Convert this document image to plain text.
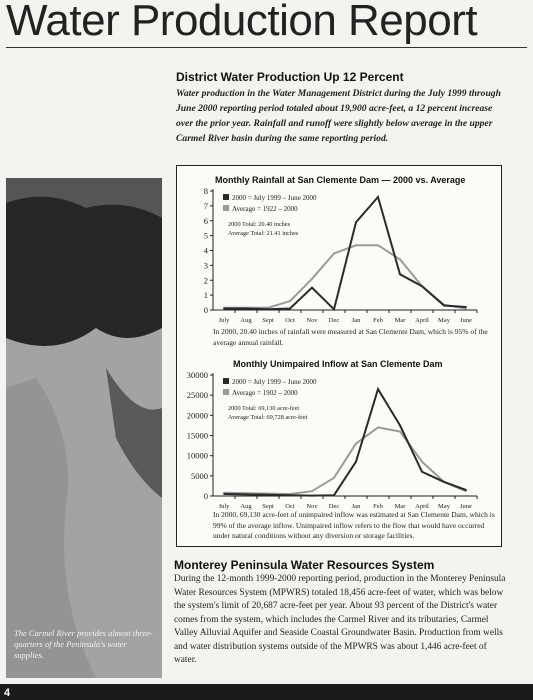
Water Production Report
The Carmel River provides almost three-quarters of the Peninsula's water supplies.
District Water Production Up 12 Percent
Water production in the Water Management District during the July 1999 through June 2000 reporting period totaled about 19,900 acre-feet, a 12 percent increase over the prior year. Rainfall and runoff were slightly below average in the upper Carmel River basin during the same reporting period.
Monthly Rainfall at San Clemente Dam — 2000 vs. Average
0
1
2
3
4
5
6
7
8
July Aug Sept Oct Nov Dec Jan Feb Mar April May June
2000 = July 1999 – June 2000
Average = 1922 – 2000
2000 Total: 20.40 inches
Average Total: 21.41 inches
In 2000, 20.40 inches of rainfall were measured at San Clemente Dam, which is 95% of the average annual rainfall.
Monthly Unimpaired Inflow at San Clemente Dam
0
5000
10000
15000
20000
25000
30000
July Aug Sept Oct Nov Dec Jan Feb Mar April May June
2000 = July 1999 – June 2000
Average = 1902 – 2000
2000 Total: 69,130 acre-feet
Average Total: 69,728 acre-feet
In 2000, 69,130 acre-feet of unimpaired inflow was estimated at San Clemente Dam, which is 99% of the average inflow. Unimpaired inflow refers to the flow that would have occurred under natural conditions without any diversion or storage facilities.
Monterey Peninsula Water Resources System
During the 12-month 1999-2000 reporting period, production in the Monterey Peninsula Water Resources System (MPWRS) totaled 18,456 acre-feet of water, which was below the system's limit of 20,687 acre-feet per year. About 93 percent of the District's water comes from the system, which includes the Carmel River and its tributaries, Carmel Valley Alluvial Aquifer and Seaside Coastal Groundwater Basin. Production from wells and water distribution systems outside of the MPWRS was about 1,446 acre-feet of water.
4
